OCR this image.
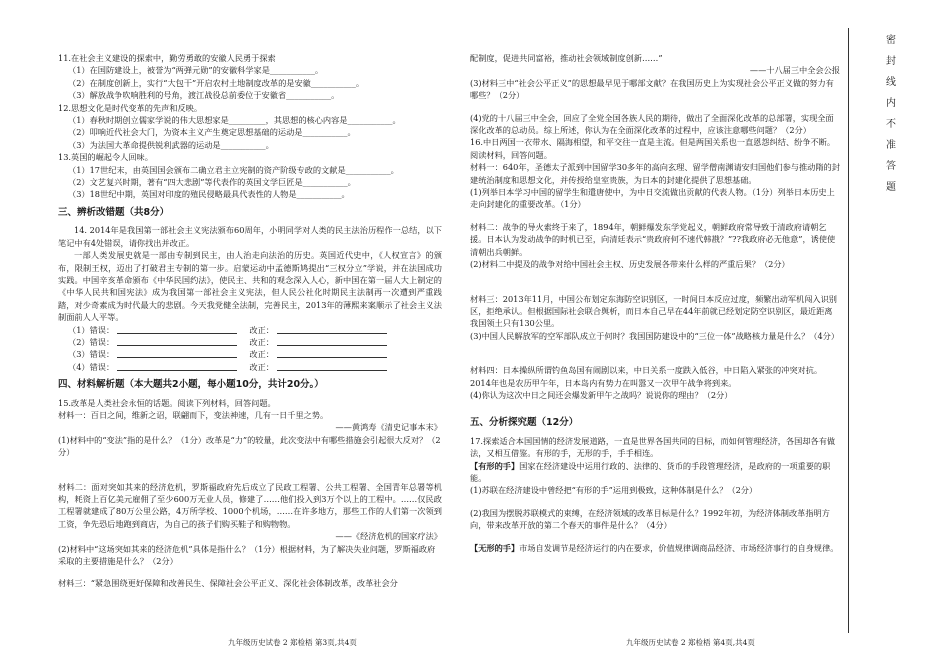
11.在社会主义建设的探索中，勤劳勇敢的安徽人民勇于探索

（1）在国防建设上，被誉为“两弹元勋”的安徽科学家是___________。

（2）在制度创新上，实行“大包干”开启农村土地制度改革的是安徽___________。

（3）解放战争吹响胜利的号角，渡江战役总前委位于安徽省___________。

12.思想文化是时代变革的先声和反映。

（1）春秋时期创立儒家学说的伟大思想家是_________，其思想的核心内容是___________。

（2）叩响近代社会大门，为资本主义产生奠定思想基础的运动是___________。

（3）为法国大革命提供锐利武器的运动是___________。

13.英国的崛起令人回味。

（1）17世纪末，由英国国会颁布二确立君主立宪制的资产阶级专政的文献是___________。

（2）文艺复兴时期，著有“四大悲剧”等代表作的英国文学巨匠是___________。

（3）18世纪中期，英国对印度的殖民侵略最具代表性的人物是___________。

三、辨析改错题（共8分）

14. 2014年是我国第一部社会主义宪法颁布60周年，小明同学对人类的民主法治历程作一总结，以下笔记中有4处错误，请你找出并改正。

一部人类发展史就是一部由专制到民主，由人治走向法治的历史。英国近代史中，《人权宣言》的颁布，限制王权，迈出了打破君主专制的第一步。启蒙运动中孟德斯鸠提出“三权分立”学说，并在法国成功实践。中国辛亥革命颁布《中华民国约法》，使民主、共和的观念深入人心，新中国在第一届人大上制定的《中华人民共和国宪法》成为我国第一部社会主义宪法，但人民公社化时期民主法制再一次遭到严重践踏，对少奇素成为时代最大的悲剧。今天我党健全法制，完善民主，2013年的薄熙来案顺示了社会主义法制面前人人平等。

（1）错误：	改正：
（2）错误：	改正：
（3）错误：	改正：
（4）错误：	改正：
四、材料解析题（本大题共2小题，每小题10分，共计20分。）

15.改革是人类社会永恒的话题。阅读下列材料，回答问题。

材料一：百日之间，维新之诏，联翩而下，变法神速，几有一日千里之势。

——黄鸿寿《清史记事本末》

(1)材料中的“变法”指的是什么？（1分）改革是“力”的较量，此次变法中有哪些措施会引起很大反对？（2分）

材料二：面对突如其来的经济危机，罗斯福政府先后成立了民政工程署、公共工程署、全国青年总署等机构，耗资上百亿美元雇佣了至少600万无业人员，修建了……他们投入到3万个以上的工程中。……仅民政工程署就建成了80万公里公路，4万所学校、1000个机场，……在许多地方，那些工作的人们第一次领到工资，争先恐后地跑到商店，为自己的孩子们购买鞋子和购物物。

——《经济危机的国家疗法》

(2)材料中“这场突如其来的经济危机”具体是指什么？（1分）根据材料，为了解决失业问题，罗斯福政府采取的主要措施是什么？（2分）

材料三：“紧急围绕更好保障和改善民生、保障社会公平正义、深化社会体制改革，改革社会分

配制度，促进共同富裕，推动社会领域制度创新……”

——十八届三中全会公报

(3)材料三中“社会公平正义”的思想最早见于哪部文献？在我国历史上为实现社会公平正义做的努力有哪些？（2分）

(4)党的十八届三中全会，回应了全党全国各族人民的期待，做出了全面深化改革的总部署，实现全面深化改革的总动员。综上所述，你认为在全面深化改革的过程中，应该注意哪些问题？（2分）

16.中日两国一衣带水、隔海相望，和平交往一直是主流。但是两国关系也一直恩怨纠结、纷争不断。阅读材料，回答问题。

材料一：640年，圣德太子派到中国留学30多年的高向玄理、留学僧南渊请安归国他们参与推动隋的封建统治制度和思想文化，并传授给皇室贵族，为日本的封建化提供了思想基础。

(1)列举日本学习中国的留学生和遣唐使中，为中日交流做出贡献的代表人物。（1分）列举日本历史上走向封建化的重要改革。（1分）

材料二：战争的导火索终于来了，1894年，朝鲜爆发东学党起义，朝鲜政府常导致于清政府请朝乞援。日本认为发动战争的时机已至，向清廷表示“贵政府何不速代韩戡？”??我政府必无他意”，诱使使清朝出兵朝鲜。

(2)材料二中提及的战争对给中国社会主权、历史发展各带来什么样的严重后果？（2分）

材料三：2013年11月，中国公布划定东海防空识别区，一时间日本反应过度，频繁出动军机闯入识别区，拒绝承认。但根据国际社会联合舆析，而日本自己早在44年前就已经划定防空识别区，最近距离我国领土只有130公里。

(3)中国人民解放军的空军部队成立于何时？我国国防建设中的“三位一体”战略核力量是什么？（4分）

材料四：日本操纵所谓钓鱼岛国有闹剧以来，中日关系一度跌入低谷，中日陷入紧张的冲突对抗。2014年也是农历甲午年，日本岛内有势力在叫嚣又一次甲午战争将到来。

(4)你认为这次中日之间还会爆发新甲午之战吗？说说你的理由？（2分）

五、分析探究题（12分）

17.探索适合本国国情的经济发展道路，一直是世界各国共同的目标，而如何管理经济，各国却各有做法，又相互借鉴。有形的手，无形的手，手手相连。

【有形的手】国家在经济建设中运用行政的、法律的、货币的手段管理经济，是政府的一项重要的职能。

(1)苏联在经济建设中曾经把“有形的手”运用到极致，这种体制是什么？（2分）

(2)我国为摆脱苏联模式的束缚，在经济领域的改革目标是什么？1992年初，为经济体制改革指明方向，带来改革开放的第二个春天的事件是什么？（4分）

【无形的手】市场自发调节是经济运行的内在要求，价值规律调商品经济、市场经济事行的自身规律。

九年级历史试卷 2 郑检梧 第3页,共4页	九年级历史试卷 2 郑检梧 第4页,共4页
密
封
线
内
不
准
答
题
